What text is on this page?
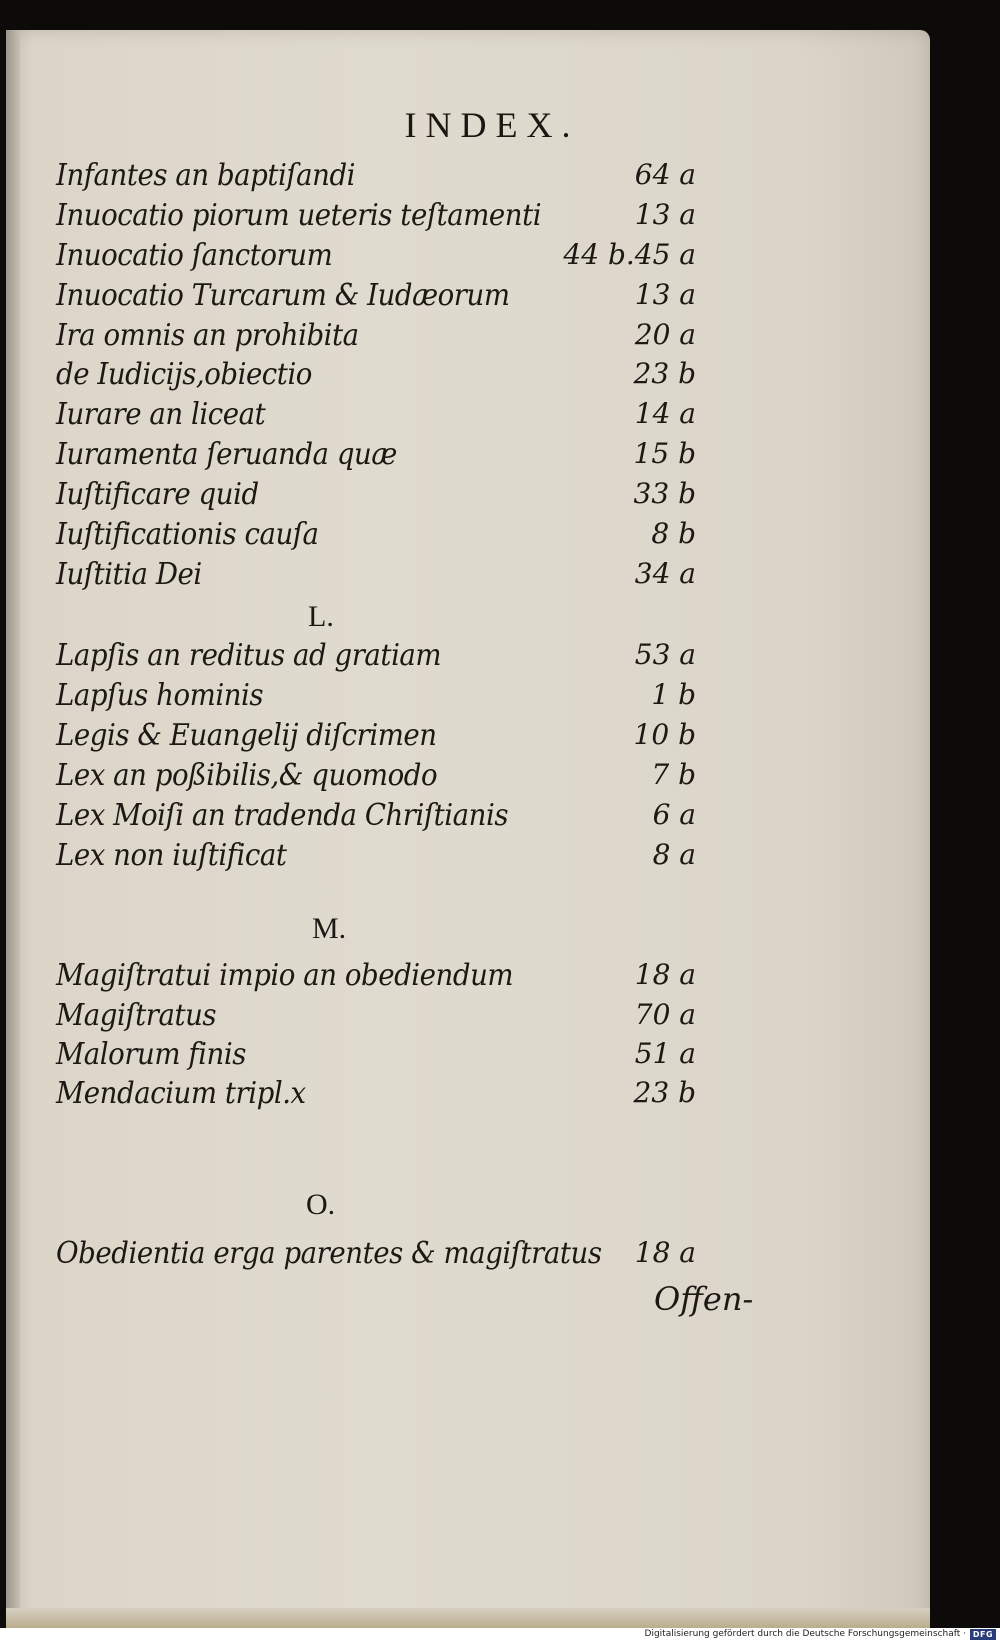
INDEX.
Infantes an baptiſandi	64 a
Inuocatio piorum ueteris teſtamenti	13 a
Inuocatio ſanctorum	44 b.45 a
Inuocatio Turcarum & Iudæorum	13 a
Ira omnis an prohibita	20 a
de Iudicijs,obiectio	23 b
Iurare an liceat	14 a
Iuramenta ſeruanda quæ	15 b
Iuſtificare quid	33 b
Iuſtificationis cauſa	8 b
Iuſtitia Dei	34 a
L.
Lapſis an reditus ad gratiam	53 a
Lapſus hominis	1 b
Legis & Euangelij diſcrimen	10 b
Lex an poßibilis,& quomodo	7 b
Lex Moiſi an tradenda Chriſtianis	6 a
Lex non iuſtificat	8 a
M.
Magiſtratui impio an obediendum	18 a
Magiſtratus	70 a
Malorum finis	51 a
Mendacium tripl.x	23 b
O.
Obedientia erga parentes & magiſtratus 18 a
Offen-
Digitalisierung gefördert durch die Deutsche Forschungsgemeinschaft · DFG
